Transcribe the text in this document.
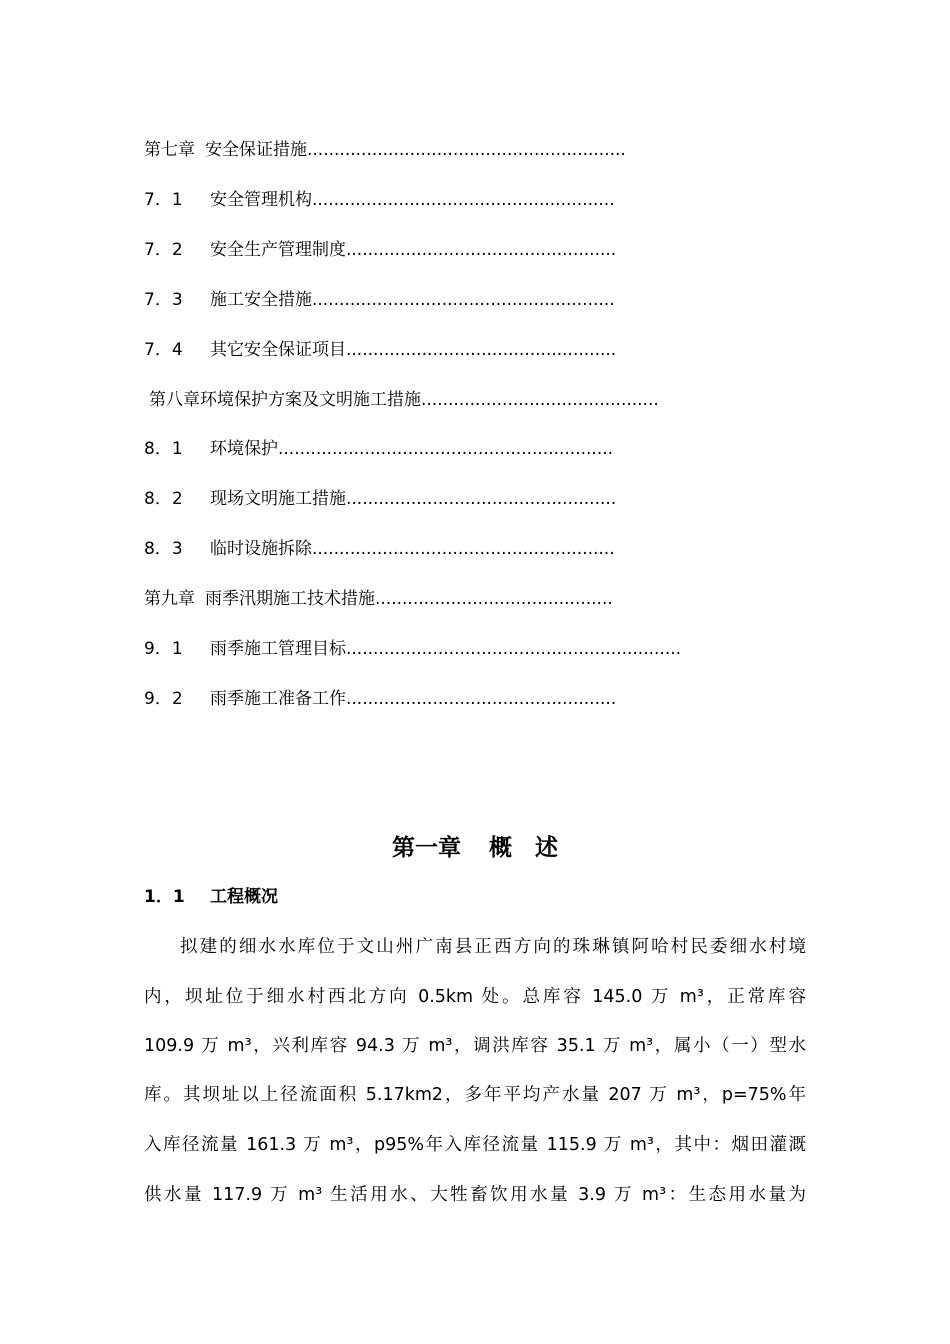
第七章 安全保证措施...........................................................
7．1 安全管理机构........................................................
7．2 安全生产管理制度..................................................
7．3 施工安全措施........................................................
7．4 其它安全保证项目..................................................
第八章环境保护方案及文明施工措施............................................
8．1 环境保护..............................................................
8．2 现场文明施工措施..................................................
8．3 临时设施拆除........................................................
第九章 雨季汛期施工技术措施............................................
9．1 雨季施工管理目标..............................................................
9．2 雨季施工准备工作..................................................
第一章 概　述
1．1 工程概况
拟建的细水水库位于文山州广南县正西方向的珠琳镇阿哈村民委细水村境
内，坝址位于细水村西北方向 0.5km 处。总库容 145.0 万 m³，正常库容
109.9 万 m³，兴利库容 94.3 万 m³，调洪库容 35.1 万 m³，属小（一）型水
库。其坝址以上径流面积 5.17km2，多年平均产水量 207 万 m³，p=75%年
入库径流量 161.3 万 m³，p95%年入库径流量 115.9 万 m³，其中：烟田灌溉
供水量 117.9 万 m³ 生活用水、大牲畜饮用水量 3.9 万 m³：生态用水量为
